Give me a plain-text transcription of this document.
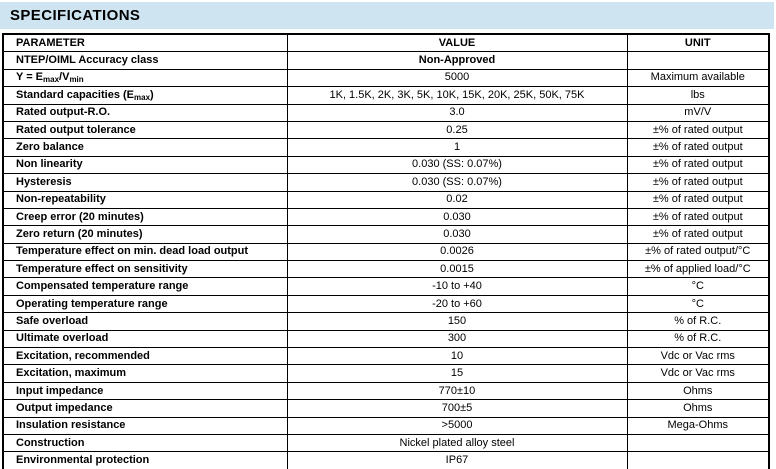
SPECIFICATIONS
PARAMETER	VALUE	UNIT
NTEP/OIML Accuracy class	Non-Approved	
$Y = E_{max}/V_{min}$	5000	Maximum available
Standard capacities $(E_{max})$	1K, 1.5K, 2K, 3K, 5K, 10K, 15K, 20K, 25K, 50K, 75K	lbs
Rated output-R.O.	3.0	mV/V
Rated output tolerance	0.25	±% of rated output
Zero balance	1	±% of rated output
Non linearity	0.030 (SS: 0.07%)	±% of rated output
Hysteresis	0.030 (SS: 0.07%)	±% of rated output
Non-repeatability	0.02	±% of rated output
Creep error (20 minutes)	0.030	±% of rated output
Zero return (20 minutes)	0.030	±% of rated output
Temperature effect on min. dead load output	0.0026	±% of rated output/°C
Temperature effect on sensitivity	0.0015	±% of applied load/°C
Compensated temperature range	-10 to +40	°C
Operating temperature range	-20 to +60	°C
Safe overload	150	% of R.C.
Ultimate overload	300	% of R.C.
Excitation, recommended	10	Vdc or Vac rms
Excitation, maximum	15	Vdc or Vac rms
Input impedance	770±10	Ohms
Output impedance	700±5	Ohms
Insulation resistance	>5000	Mega-Ohms
Construction	Nickel plated alloy steel	
Environmental protection	IP67	
